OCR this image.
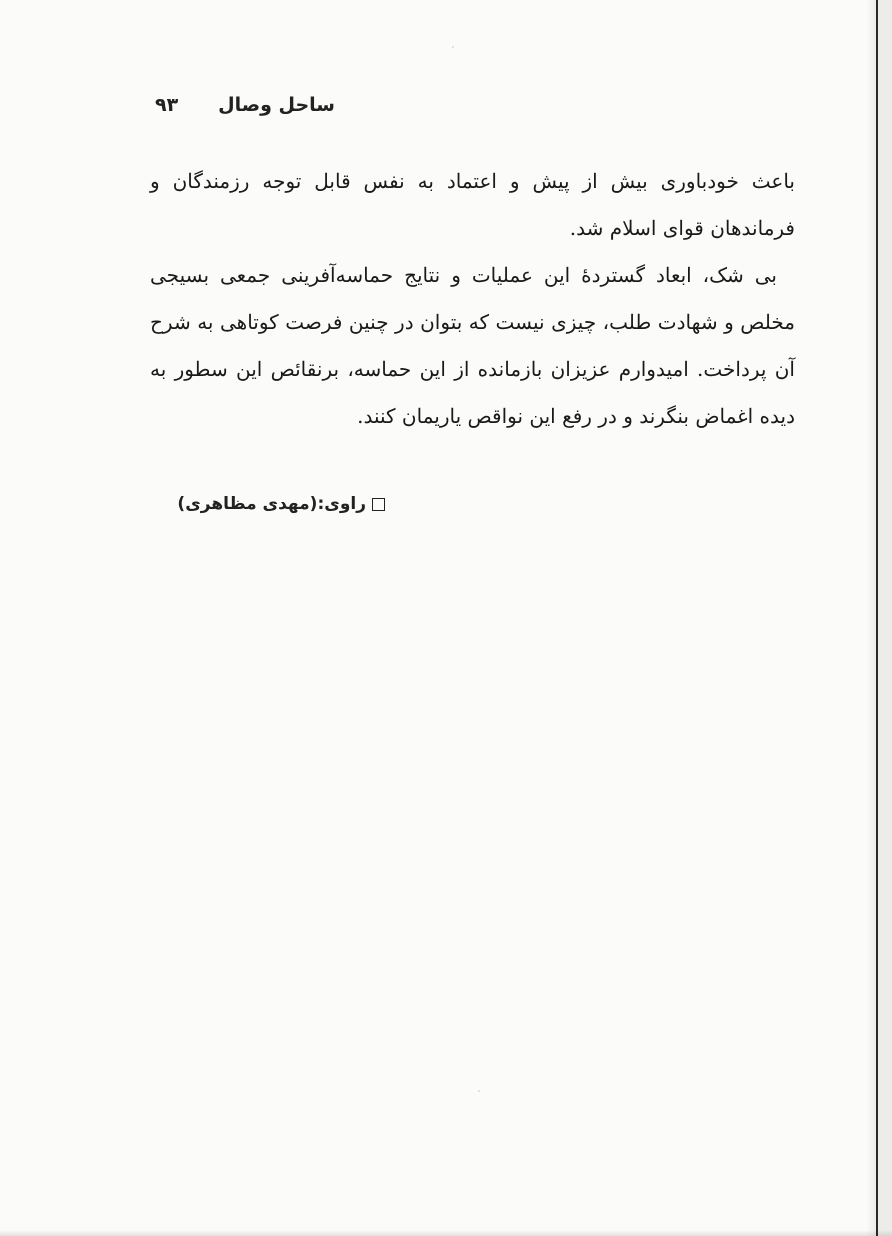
ساحل وصال
۹۳

باعث خودباوری بیش از پیش و اعتماد به نفس قابل توجه رزمندگان و فرماندهان قوای اسلام شد.

بی شک، ابعاد گستردهٔ این عملیات و نتایج حماسه‌آفرینی جمعی بسیجی مخلص و شهادت طلب، چیزی نیست که بتوان در چنین فرصت کوتاهی به شرح آن پرداخت. امیدوارم عزیزان بازمانده از این حماسه، برنقائص این سطور به دیده اغماض بنگرند و در رفع این نواقص یاریمان کنند.

راوی:(مهدی مظاهری)
